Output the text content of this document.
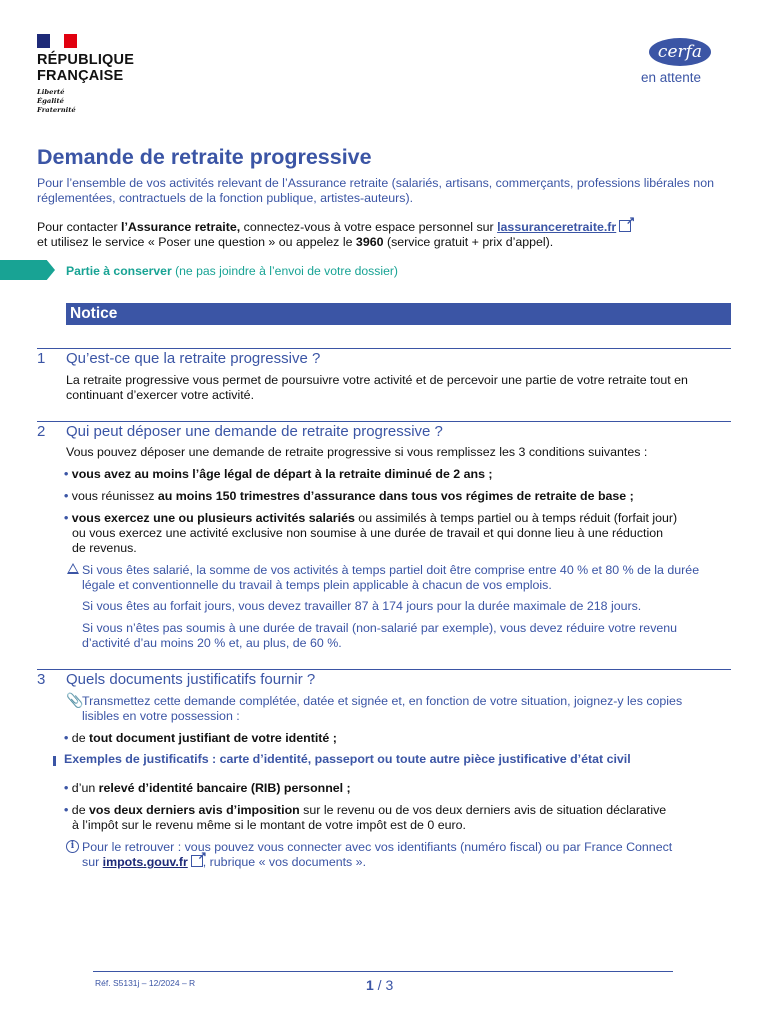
RÉPUBLIQUE
FRANÇAISE
Liberté
Égalité
Fraternité
cerfa
en attente
Demande de retraite progressive
Pour l’ensemble de vos activités relevant de l’Assurance retraite (salariés, artisans, commerçants, professions libérales non réglementées, contractuels de la fonction publique, artistes-auteurs).
Pour contacter l’Assurance retraite, connectez-vous à votre espace personnel sur lassuranceretraite.fr↗
et utilisez le service « Poser une question » ou appelez le 3960 (service gratuit + prix d’appel).
Partie à conserver (ne pas joindre à l’envoi de votre dossier)
Notice
1 Qu’est-ce que la retraite progressive ?
La retraite progressive vous permet de poursuivre votre activité et de percevoir une partie de votre retraite tout en continuant d’exercer votre activité.
2 Qui peut déposer une demande de retraite progressive ?
Vous pouvez déposer une demande de retraite progressive si vous remplissez les 3 conditions suivantes :
• vous avez au moins l’âge légal de départ à la retraite diminué de 2 ans ;
• vous réunissez au moins 150 trimestres d’assurance dans tous vos régimes de retraite de base ;
• vous exercez une ou plusieurs activités salariés ou assimilés à temps partiel ou à temps réduit (forfait jour)
ou vous exercez une activité exclusive non soumise à une durée de travail et qui donne lieu à une réduction
de revenus.
Si vous êtes salarié, la somme de vos activités à temps partiel doit être comprise entre 40 % et 80 % de la durée
légale et conventionnelle du travail à temps plein applicable à chacun de vos emplois.
Si vous êtes au forfait jours, vous devez travailler 87 à 174 jours pour la durée maximale de 218 jours.
Si vous n’êtes pas soumis à une durée de travail (non-salarié par exemple), vous devez réduire votre revenu
d’activité d’au moins 20 % et, au plus, de 60 %.
3 Quels documents justificatifs fournir ?
📎
Transmettez cette demande complétée, datée et signée et, en fonction de votre situation, joignez-y les copies
lisibles en votre possession :
• de tout document justifiant de votre identité ;
Exemples de justificatifs : carte d’identité, passeport ou toute autre pièce justificative d’état civil
• d’un relevé d’identité bancaire (RIB) personnel ;
• de vos deux derniers avis d’imposition sur le revenu ou de vos deux derniers avis de situation déclarative
à l’impôt sur le revenu même si le montant de votre impôt est de 0 euro.
i Pour le retrouver : vous pouvez vous connecter avec vos identifiants (numéro fiscal) ou par France Connect
sur impots.gouv.fr↗ , rubrique « vos documents ».
Réf. S5131j – 12/2024 – R	1 / 3
